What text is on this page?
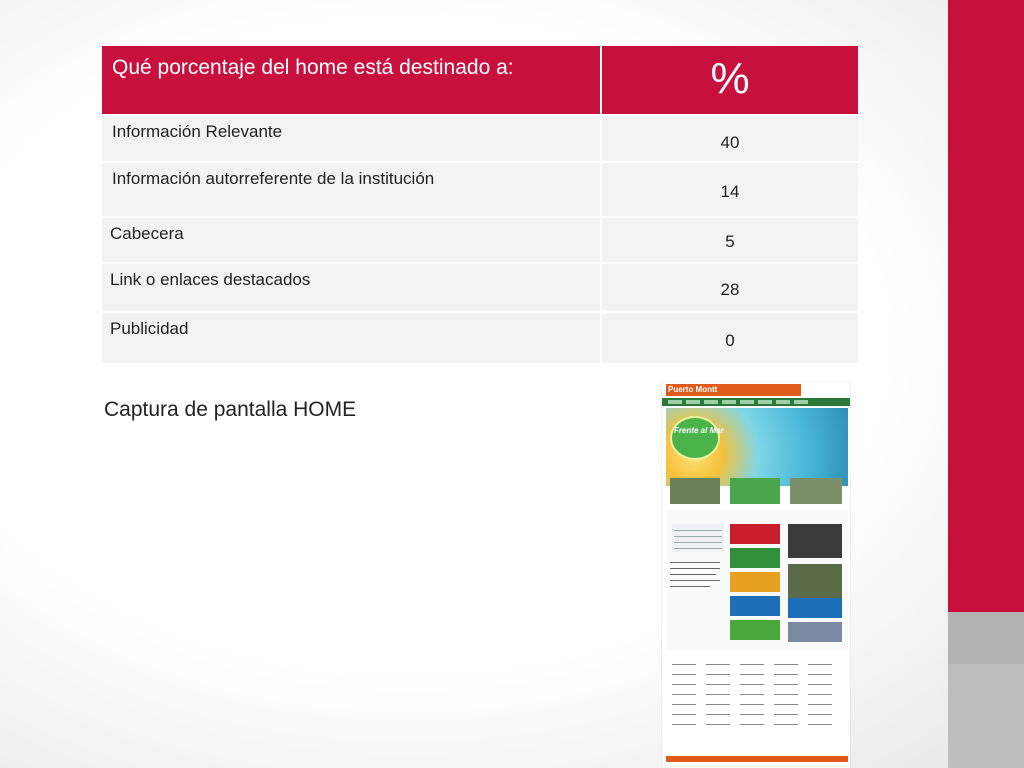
Qué porcentaje del home está destinado a:	%

Información Relevante	40

Información autorreferente de la institución	14

Cabecera	5

Link o enlaces destacados	28

Publicidad	0
Captura de pantalla HOME
Puerto Montt
Frente al Mar
